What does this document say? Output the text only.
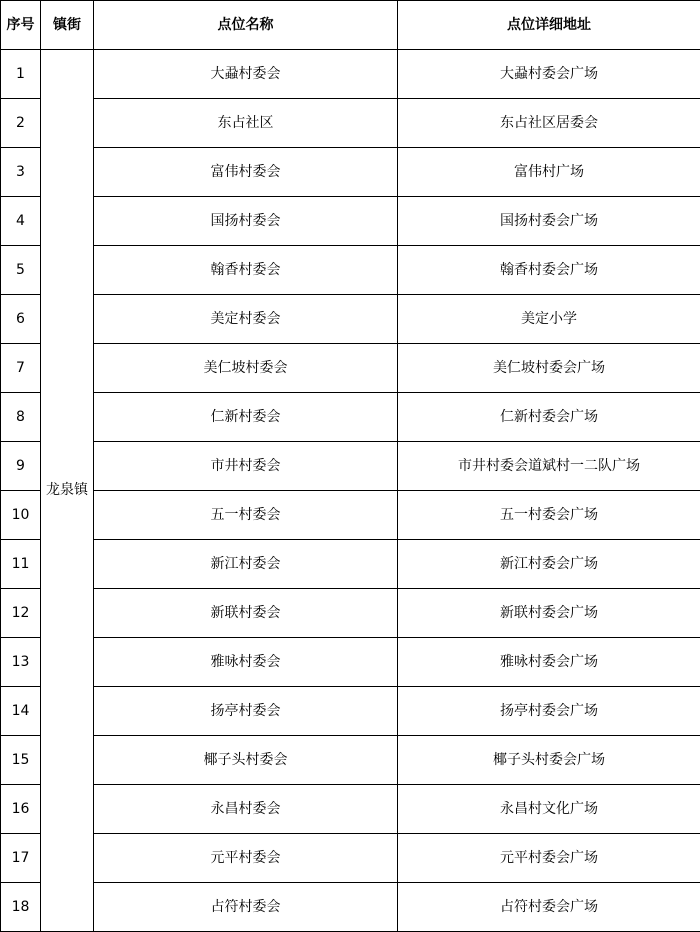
序号	镇街	点位名称	点位详细地址
1	龙泉镇	大蝨村委会	大蝨村委会广场
2		东占社区	东占社区居委会
3		富伟村委会	富伟村广场
4		国扬村委会	国扬村委会广场
5		翰香村委会	翰香村委会广场
6		美定村委会	美定小学
7		美仁坡村委会	美仁坡村委会广场
8		仁新村委会	仁新村委会广场
9		市井村委会	市井村委会道斌村一二队广场
10		五一村委会	五一村委会广场
11		新江村委会	新江村委会广场
12		新联村委会	新联村委会广场
13		雅咏村委会	雅咏村委会广场
14		扬亭村委会	扬亭村委会广场
15		椰子头村委会	椰子头村委会广场
16		永昌村委会	永昌村文化广场
17		元平村委会	元平村委会广场
18		占符村委会	占符村委会广场
